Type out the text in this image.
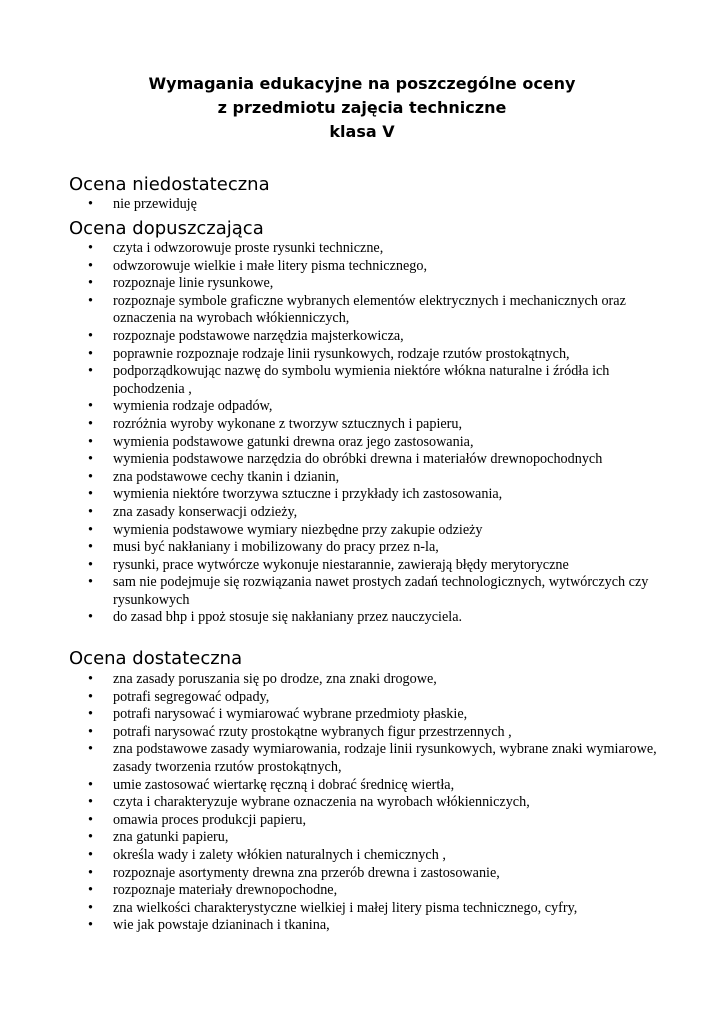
Wymagania edukacyjne na poszczególne oceny
z przedmiotu zajęcia techniczne
klasa V
Ocena niedostateczna
• nie przewiduję
Ocena dopuszczająca
• czyta i odwzorowuje proste rysunki techniczne,
• odwzorowuje wielkie i małe litery pisma technicznego,
• rozpoznaje linie rysunkowe,
• rozpoznaje symbole graficzne wybranych elementów elektrycznych i mechanicznych oraz oznaczenia na wyrobach włókienniczych,
• rozpoznaje podstawowe narzędzia majsterkowicza,
• poprawnie rozpoznaje rodzaje linii rysunkowych, rodzaje rzutów prostokątnych,
• podporządkowując nazwę do symbolu wymienia niektóre włókna naturalne i źródła ich pochodzenia ,
• wymienia rodzaje odpadów,
• rozróżnia wyroby wykonane z tworzyw sztucznych i papieru,
• wymienia podstawowe gatunki drewna oraz jego zastosowania,
• wymienia podstawowe narzędzia do obróbki drewna i materiałów drewnopochodnych
• zna podstawowe cechy tkanin i dzianin,
• wymienia niektóre tworzywa sztuczne i przykłady ich zastosowania,
• zna zasady konserwacji odzieży,
• wymienia podstawowe wymiary niezbędne przy zakupie odzieży
• musi być nakłaniany i mobilizowany do pracy przez n-la,
• rysunki, prace wytwórcze wykonuje niestarannie, zawierają błędy merytoryczne
• sam nie podejmuje się rozwiązania nawet prostych zadań technologicznych, wytwórczych czy rysunkowych
• do zasad bhp i ppoż stosuje się nakłaniany przez nauczyciela.
Ocena dostateczna
• zna zasady poruszania się po drodze, zna znaki drogowe,
• potrafi segregować odpady,
• potrafi narysować i wymiarować wybrane przedmioty płaskie,
• potrafi narysować rzuty prostokątne wybranych figur przestrzennych ,
• zna podstawowe zasady wymiarowania, rodzaje linii rysunkowych, wybrane znaki wymiarowe, zasady tworzenia rzutów prostokątnych,
• umie zastosować wiertarkę ręczną i dobrać średnicę wiertła,
• czyta i charakteryzuje wybrane oznaczenia na wyrobach włókienniczych,
• omawia proces produkcji papieru,
• zna gatunki papieru,
• określa wady i zalety włókien naturalnych i chemicznych ,
• rozpoznaje asortymenty drewna zna przerób drewna i zastosowanie,
• rozpoznaje materiały drewnopochodne,
• zna wielkości charakterystyczne wielkiej i małej litery pisma technicznego, cyfry,
• wie jak powstaje dzianinach i tkanina,
